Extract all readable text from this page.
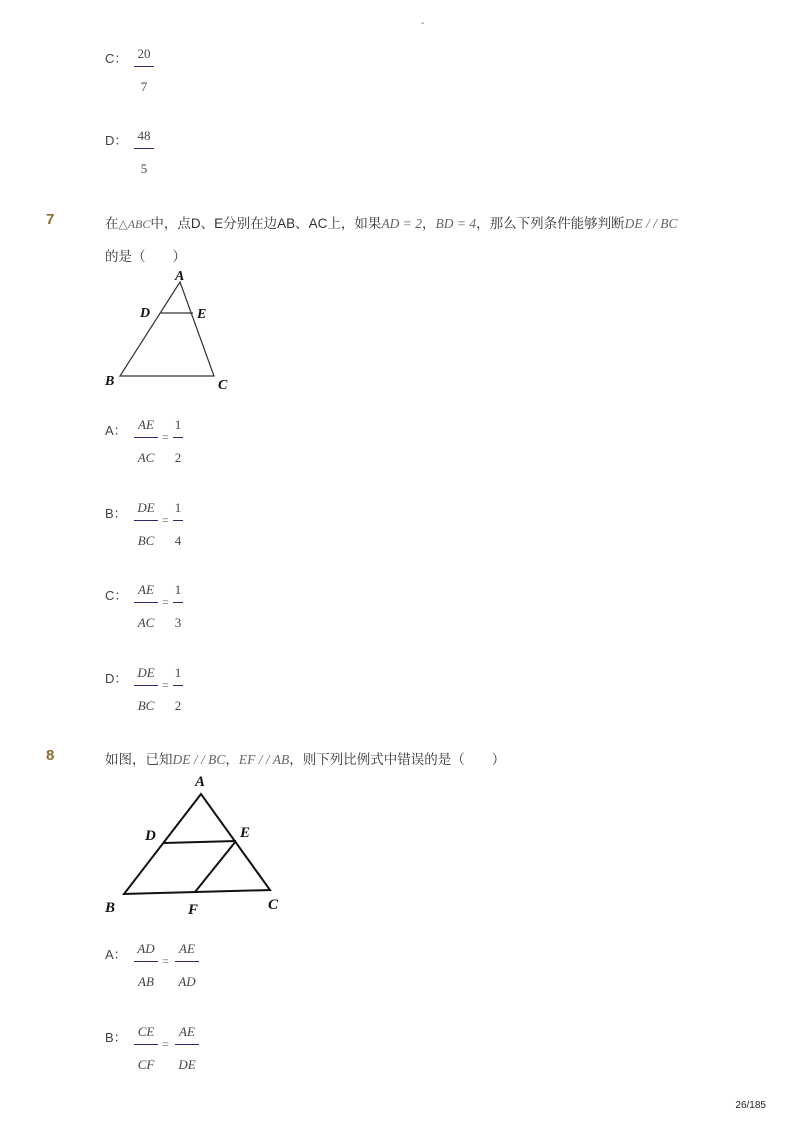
-
C： 20
7
D： 48
5
7	在△ABC中，点D、E分别在边AB、AC上，如果AD = 2，BD = 4，那么下列条件能够判断DE / / BC
的是（　　）
A
D	E
B	C
A： AE
AC
=
1
2
B： DE
BC
=
1
4
C： AE
AC
=
1
3
D： DE
BC
=
1
2
8	如图，已知DE / / BC，EF / / AB，则下列比例式中错误的是（　　）
A
D	E
B	F	C
A： AD
AB
=
AE
AD
B： CE
CF
=
AE
DE
26/185
